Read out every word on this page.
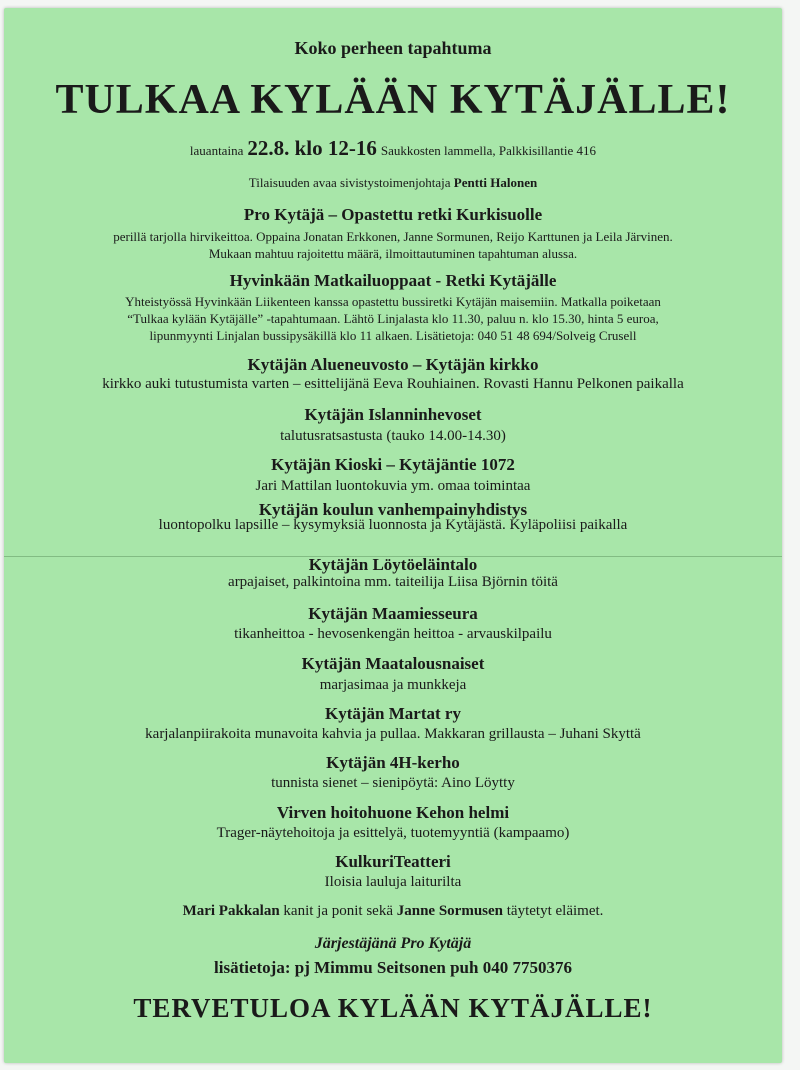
Koko perheen tapahtuma
TULKAA KYLÄÄN KYTÄJÄLLE!
lauantaina 22.8. klo 12-16 Saukkosten lammella, Palkkisillantie 416
Tilaisuuden avaa sivistystoimenjohtaja Pentti Halonen
Pro Kytäjä – Opastettu retki Kurkisuolle
perillä tarjolla hirvikeittoa. Oppaina Jonatan Erkkonen, Janne Sormunen, Reijo Karttunen ja Leila Järvinen.
Mukaan mahtuu rajoitettu määrä, ilmoittautuminen tapahtuman alussa.
Hyvinkään Matkailuoppaat - Retki Kytäjälle
Yhteistyössä Hyvinkään Liikenteen kanssa opastettu bussiretki Kytäjän maisemiin. Matkalla poiketaan
“Tulkaa kylään Kytäjälle” -tapahtumaan. Lähtö Linjalasta klo 11.30, paluu n. klo 15.30, hinta 5 euroa,
lipunmyynti Linjalan bussipysäkillä klo 11 alkaen. Lisätietoja: 040 51 48 694/Solveig Crusell
Kytäjän Alueneuvosto – Kytäjän kirkko
kirkko auki tutustumista varten – esittelijänä Eeva Rouhiainen. Rovasti Hannu Pelkonen paikalla
Kytäjän Islanninhevoset
talutusratsastusta (tauko 14.00-14.30)
Kytäjän Kioski – Kytäjäntie 1072
Jari Mattilan luontokuvia ym. omaa toimintaa
Kytäjän koulun vanhempainyhdistys
luontopolku lapsille – kysymyksiä luonnosta ja Kytäjästä. Kyläpoliisi paikalla
Kytäjän Löytöeläintalo
arpajaiset, palkintoina mm. taiteilija Liisa Björnin töitä
Kytäjän Maamiesseura
tikanheittoa - hevosenkengän heittoa - arvauskilpailu
Kytäjän Maatalousnaiset
marjasimaa ja munkkeja
Kytäjän Martat ry
karjalanpiirakoita munavoita kahvia ja pullaa. Makkaran grillausta – Juhani Skyttä
Kytäjän 4H-kerho
tunnista sienet – sienipöytä: Aino Löytty
Virven hoitohuone Kehon helmi
Trager-näytehoitoja ja esittelyä, tuotemyyntiä (kampaamo)
KulkuriTeatteri
Iloisia lauluja laiturilta
Mari Pakkalan kanit ja ponit sekä Janne Sormusen täytetyt eläimet.
Järjestäjänä Pro Kytäjä
lisätietoja: pj Mimmu Seitsonen puh 040 7750376
TERVETULOA KYLÄÄN KYTÄJÄLLE!
